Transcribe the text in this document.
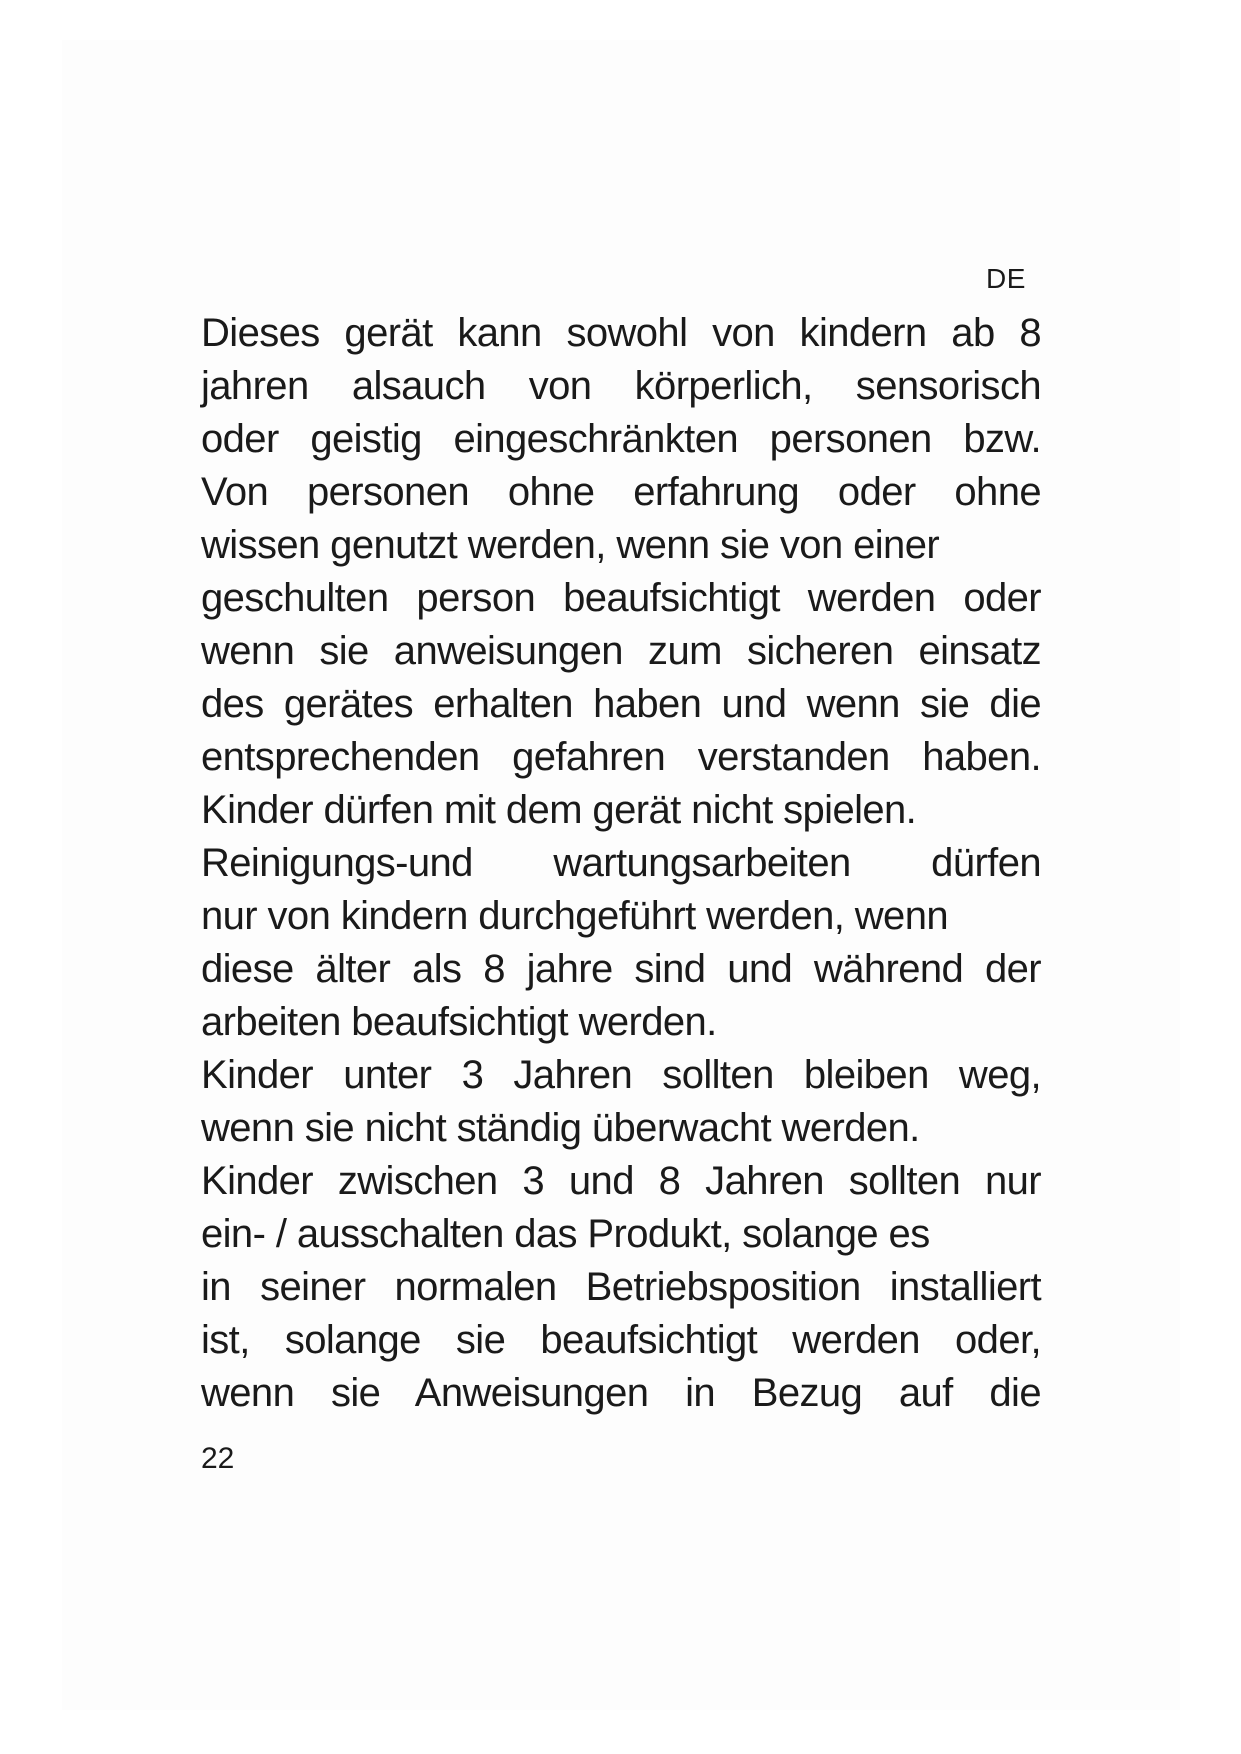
DE
Dieses gerät kann sowohl von kindern ab 8
jahren alsauch von körperlich, sensorisch
oder geistig eingeschränkten personen bzw.
Von personen ohne erfahrung oder ohne
wissen genutzt werden, wenn sie von einer
geschulten person beaufsichtigt werden oder
wenn sie anweisungen zum sicheren einsatz
des gerätes erhalten haben und wenn sie die
entsprechenden gefahren verstanden haben.
Kinder dürfen mit dem gerät nicht spielen.
Reinigungs-und wartungsarbeiten dürfen
nur von kindern durchgeführt werden, wenn
diese älter als 8 jahre sind und während der
arbeiten beaufsichtigt werden.
Kinder unter 3 Jahren sollten bleiben weg,
wenn sie nicht ständig überwacht werden.
Kinder zwischen 3 und 8 Jahren sollten nur
ein- / ausschalten das Produkt, solange es
in seiner normalen Betriebsposition installiert
ist, solange sie beaufsichtigt werden oder,
wenn sie Anweisungen in Bezug auf die
22
